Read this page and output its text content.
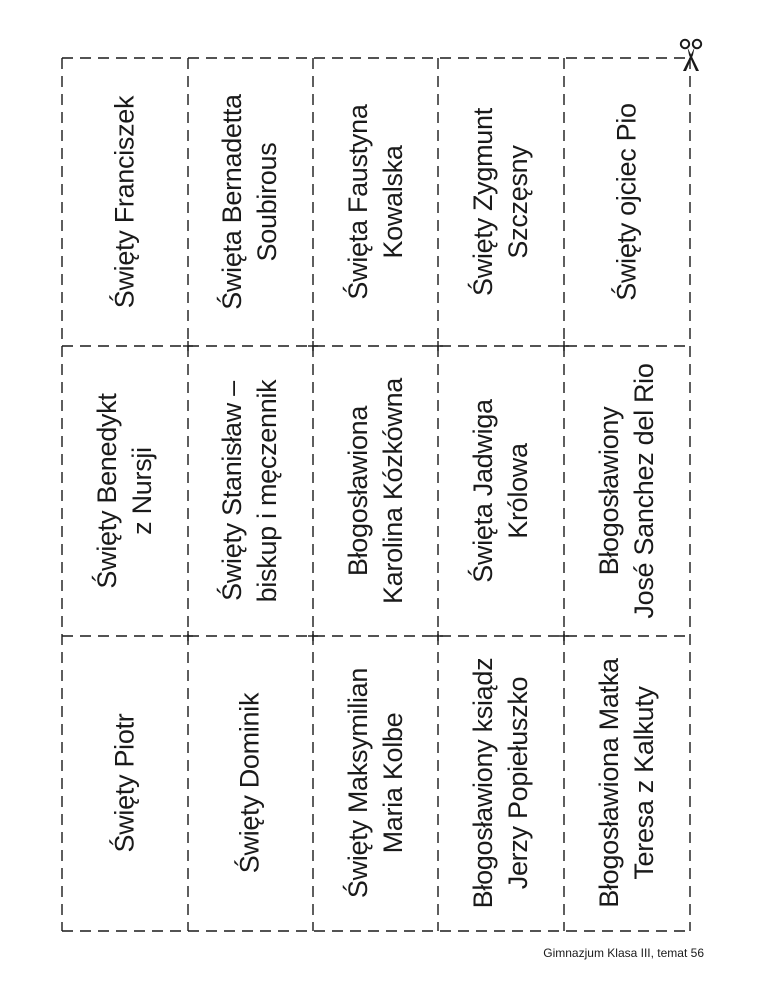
Święty Franciszek	Święta Bernadetta Soubirous Święta Faustyna Kowalska Święty Zygmunt Szczęsny	Święty ojciec Pio
Święty Benedykt z Nursji Święty Stanisław – biskup i męczennik Błogosławiona Karolina Kózkówna Święta Jadwiga Królowa Błogosławiony José Sanchez del Rio
Święty Piotr	Święty Dominik	Święty Maksymilian Maria Kolbe Błogosławiony ksiądz Jerzy Popiełuszko Błogosławiona Matka Teresa z Kalkuty
Gimnazjum Klasa III, temat 56
